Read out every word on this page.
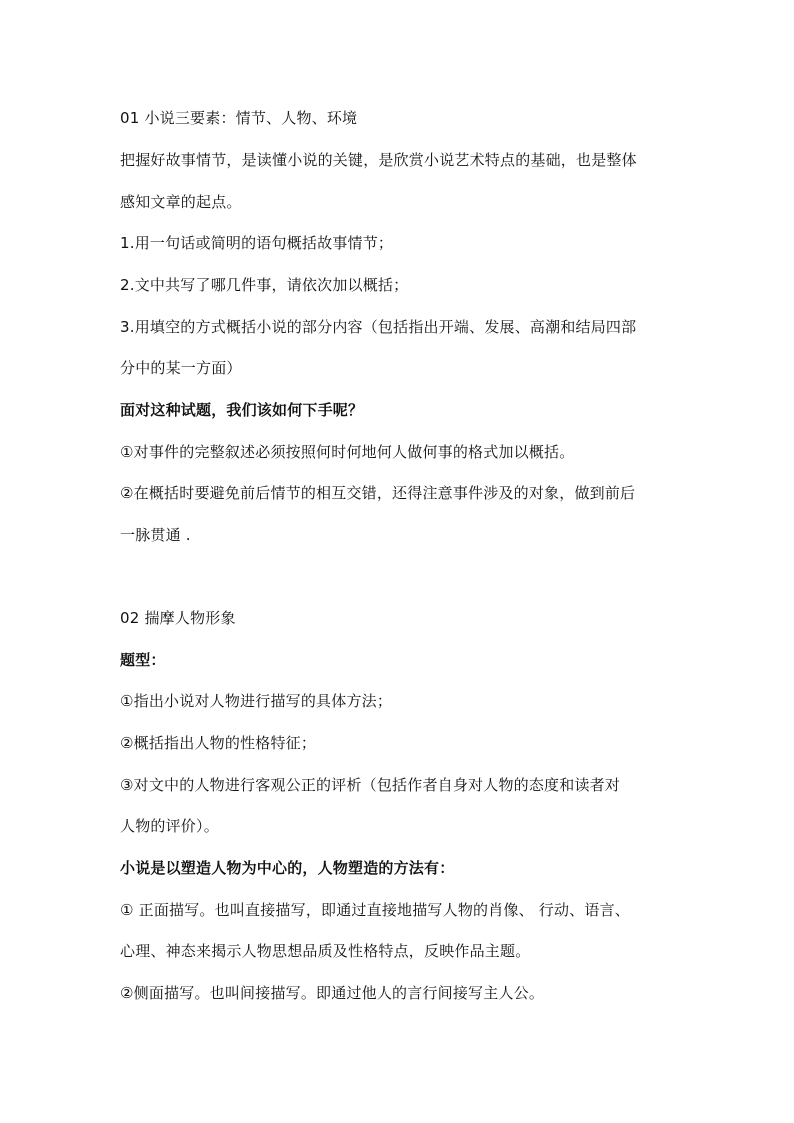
01 小说三要素：情节、人物、环境
把握好故事情节，是读懂小说的关键，是欣赏小说艺术特点的基础，也是整体
感知文章的起点。
1.用一句话或简明的语句概括故事情节；
2.文中共写了哪几件事，请依次加以概括；
3.用填空的方式概括小说的部分内容（包括指出开端、发展、高潮和结局四部
分中的某一方面）
面对这种试题，我们该如何下手呢？
①对事件的完整叙述必须按照何时何地何人做何事的格式加以概括。
②在概括时要避免前后情节的相互交错，还得注意事件涉及的对象，做到前后
一脉贯通 .
02 揣摩人物形象
题型：
①指出小说对人物进行描写的具体方法；
②概括指出人物的性格特征；
③对文中的人物进行客观公正的评析（包括作者自身对人物的态度和读者对
人物的评价）。
小说是以塑造人物为中心的，人物塑造的方法有：
① 正面描写。也叫直接描写，即通过直接地描写人物的肖像、 行动、语言、
心理、神态来揭示人物思想品质及性格特点，反映作品主题。
②侧面描写。也叫间接描写。即通过他人的言行间接写主人公。
